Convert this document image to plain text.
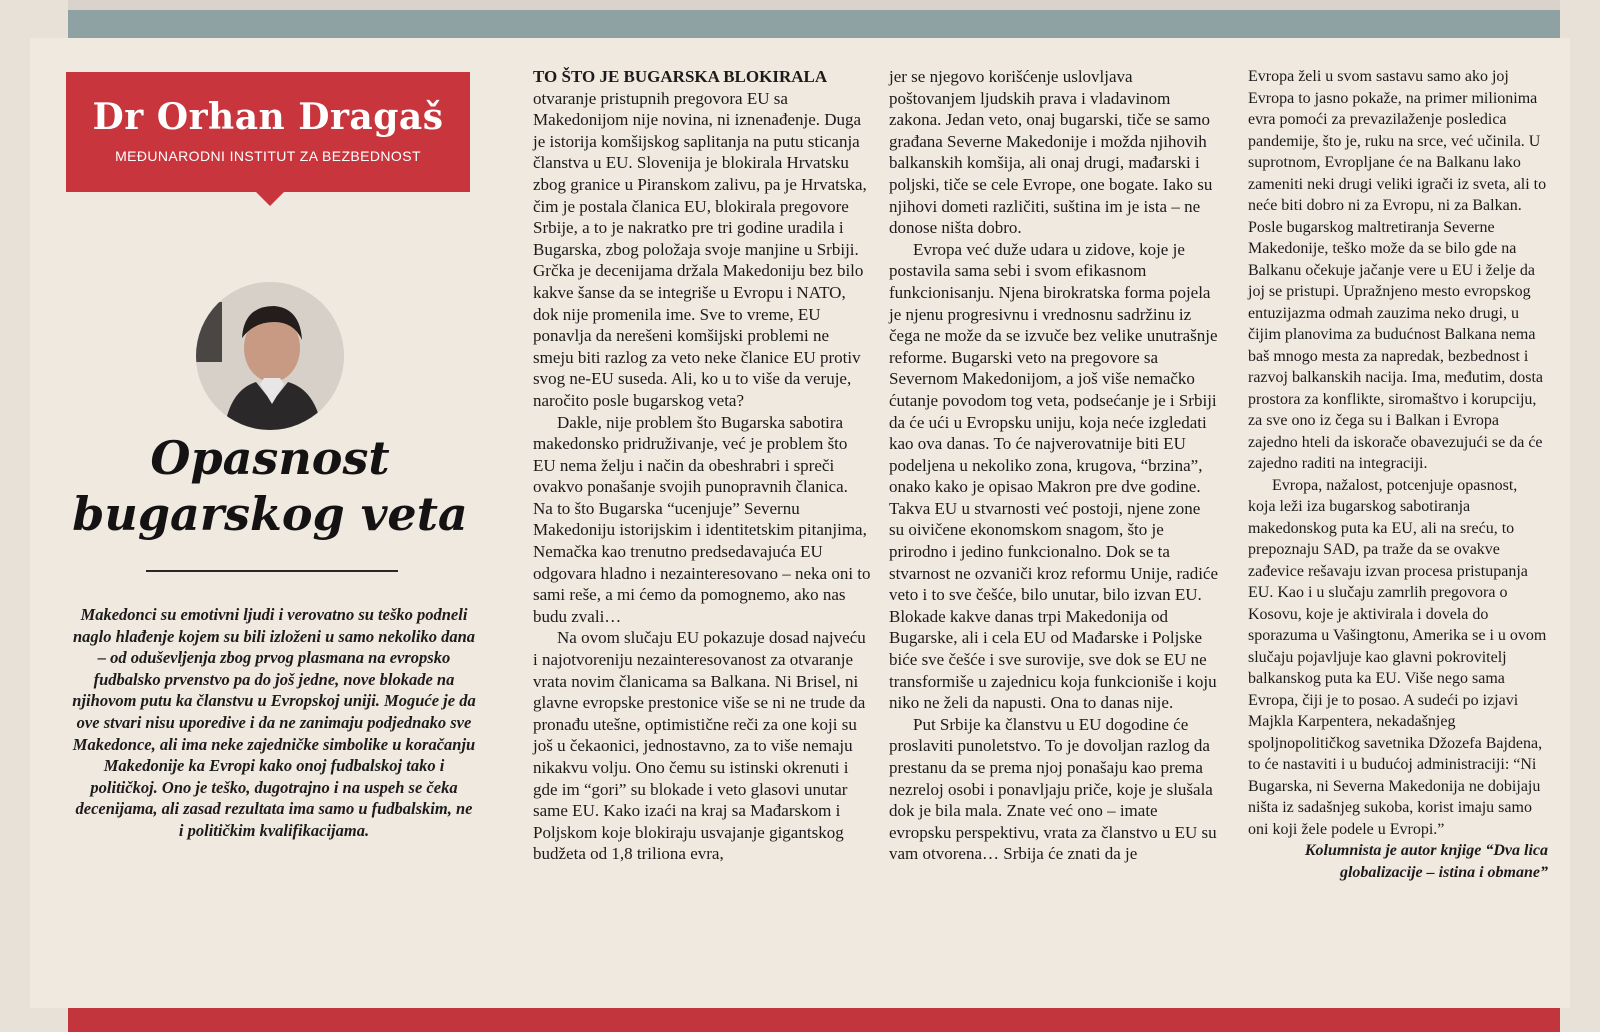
Dr Orhan Dragaš
MEĐUNARODNI INSTITUT ZA BEZBEDNOST
Opasnost
bugarskog veta
Makedonci su emotivni ljudi i verovatno su teško podneli naglo hlađenje kojem su bili izloženi u samo nekoliko dana – od oduševljenja zbog prvog plasmana na evropsko fudbalsko prvenstvo pa do još jedne, nove blokade na njihovom putu ka članstvu u Evropskoj uniji. Moguće je da ove stvari nisu uporedive i da ne zanimaju podjednako sve Makedonce, ali ima neke zajedničke simbolike u koračanju Makedonije ka Evropi kako onoj fudbalskoj tako i političkoj. Ono je teško, dugotrajno i na uspeh se čeka decenijama, ali zasad rezultata ima samo u fudbalskim, ne i političkim kvalifikacijama.

TO ŠTO JE BUGARSKA BLOKIRALA
otvaranje pristupnih pregovora EU sa Makedonijom nije novina, ni iznenađenje. Duga je istorija komšijskog saplitanja na putu sticanja članstva u EU. Slovenija je blokirala Hrvatsku zbog granice u Piranskom zalivu, pa je Hrvatska, čim je postala članica EU, blokirala pregovore Srbije, a to je nakratko pre tri godine uradila i Bugarska, zbog položaja svoje manjine u Srbiji. Grčka je decenijama držala Makedoniju bez bilo kakve šanse da se integriše u Evropu i NATO, dok nije promenila ime. Sve to vreme, EU ponavlja da nerešeni komšijski problemi ne smeju biti razlog za veto neke članice EU protiv svog ne-EU suseda. Ali, ko u to više da veruje, naročito posle bugarskog veta?

Dakle, nije problem što Bugarska sabotira makedonsko pridruživanje, već je problem što EU nema želju i način da obeshrabri i spreči ovakvo ponašanje svojih punopravnih članica. Na to što Bugarska “ucenjuje” Severnu Makedoniju istorijskim i identitetskim pitanjima, Nemačka kao trenutno predsedavajuća EU odgovara hladno i nezainteresovano – neka oni to sami reše, a mi ćemo da pomognemo, ako nas budu zvali…

Na ovom slučaju EU pokazuje dosad najveću i najotvoreniju nezainteresovanost za otvaranje vrata novim članicama sa Balkana. Ni Brisel, ni glavne evropske prestonice više se ni ne trude da pronađu utešne, optimistične reči za one koji su još u čekaonici, jednostavno, za to više nemaju nikakvu volju. Ono čemu su istinski okrenuti i gde im “gori” su blokade i veto glasovi unutar same EU. Kako izaći na kraj sa Mađarskom i Poljskom koje blokiraju usvajanje gigantskog budžeta od 1,8 triliona evra,

jer se njegovo korišćenje uslovljava poštovanjem ljudskih prava i vladavinom zakona. Jedan veto, onaj bugarski, tiče se samo građana Severne Makedonije i možda njihovih balkanskih komšija, ali onaj drugi, mađarski i poljski, tiče se cele Evrope, one bogate. Iako su njihovi dometi različiti, suština im je ista – ne donose ništa dobro.

Evropa već duže udara u zidove, koje je postavila sama sebi i svom efikasnom funkcionisanju. Njena birokratska forma pojela je njenu progresivnu i vrednosnu sadržinu iz čega ne može da se izvuče bez velike unutrašnje reforme. Bugarski veto na pregovore sa Severnom Makedonijom, a još više nemačko ćutanje povodom tog veta, podsećanje je i Srbiji da će ući u Evropsku uniju, koja neće izgledati kao ova danas. To će najverovatnije biti EU podeljena u nekoliko zona, krugova, “brzina”, onako kako je opisao Makron pre dve godine. Takva EU u stvarnosti već postoji, njene zone su oivičene ekonomskom snagom, što je prirodno i jedino funkcionalno. Dok se ta stvarnost ne ozvaniči kroz reformu Unije, radiće veto i to sve češće, bilo unutar, bilo izvan EU. Blokade kakve danas trpi Makedonija od Bugarske, ali i cela EU od Mađarske i Poljske biće sve češće i sve surovije, sve dok se EU ne transformiše u zajednicu koja funkcioniše i koju niko ne želi da napusti. Ona to danas nije.

Put Srbije ka članstvu u EU dogodine će proslaviti punoletstvo. To je dovoljan razlog da prestanu da se prema njoj ponašaju kao prema nezreloj osobi i ponavljaju priče, koje je slušala dok je bila mala. Znate već ono – imate evropsku perspektivu, vrata za članstvo u EU su vam otvorena… Srbija će znati da je

Evropa želi u svom sastavu samo ako joj Evropa to jasno pokaže, na primer milionima evra pomoći za prevazilaženje posledica pandemije, što je, ruku na srce, već učinila. U suprotnom, Evropljane će na Balkanu lako zameniti neki drugi veliki igrači iz sveta, ali to neće biti dobro ni za Evropu, ni za Balkan. Posle bugarskog maltretiranja Severne Makedonije, teško može da se bilo gde na Balkanu očekuje jačanje vere u EU i želje da joj se pristupi. Upražnjeno mesto evropskog entuzijazma odmah zauzima neko drugi, u čijim planovima za budućnost Balkana nema baš mnogo mesta za napredak, bezbednost i razvoj balkanskih nacija. Ima, međutim, dosta prostora za konflikte, siromaštvo i korupciju, za sve ono iz čega su i Balkan i Evropa zajedno hteli da iskorače obavezujući se da će zajedno raditi na integraciji.

Evropa, nažalost, potcenjuje opasnost, koja leži iza bugarskog sabotiranja makedonskog puta ka EU, ali na sreću, to prepoznaju SAD, pa traže da se ovakve zađevice rešavaju izvan procesa pristupanja EU. Kao i u slučaju zamrlih pregovora o Kosovu, koje je aktivirala i dovela do sporazuma u Vašingtonu, Amerika se i u ovom slučaju pojavljuje kao glavni pokrovitelj balkanskog puta ka EU. Više nego sama Evropa, čiji je to posao. A sudeći po izjavi Majkla Karpentera, nekadašnjeg spoljnopolitičkog savetnika Džozefa Bajdena, to će nastaviti i u budućoj administraciji: “Ni Bugarska, ni Severna Makedonija ne dobijaju ništa iz sadašnjeg sukoba, korist imaju samo oni koji žele podele u Evropi.”

Kolumnista je autor knjige “Dva lica globalizacije – istina i obmane”
